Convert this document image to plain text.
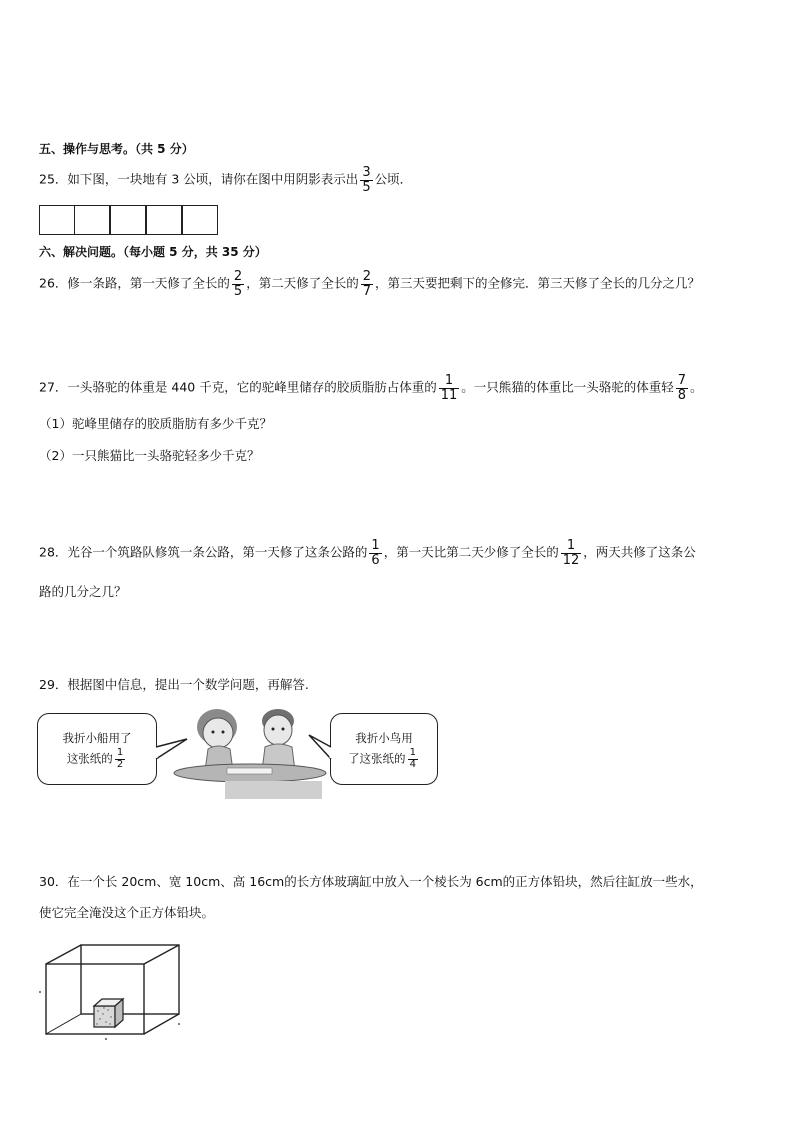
五、操作与思考。（共 5 分）
25．如下图，一块地有 3 公顷，请你在图中用阴影表示出 $\frac{3}{5}$ 公顷．
六、解决问题。（每小题 5 分，共 35 分）
26．修一条路，第一天修了全长的 $\frac{2}{5}$ ，第二天修了全长的 $\frac{2}{7}$ ，第三天要把剩下的全修完．第三天修了全长的几分之几？
27．一头骆驼的体重是 440 千克，它的驼峰里储存的胶质脂肪占体重的 $\frac{1}{11}$ 。一只熊猫的体重比一头骆驼的体重轻 $\frac{7}{8}$ 。
（1）驼峰里储存的胶质脂肪有多少千克？
（2）一只熊猫比一头骆驼轻多少千克？
28．光谷一个筑路队修筑一条公路，第一天修了这条公路的 $\frac{1}{6}$ ，第一天比第二天少修了全长的 $\frac{1}{12}$ ，两天共修了这条公
路的几分之几？
29．根据图中信息，提出一个数学问题，再解答.
我折小船用了
这张纸的 $\frac{1}{2}$
我折小鸟用
了这张纸的 $\frac{1}{4}$
30．在一个长 20cm、宽 10cm、高 16cm的长方体玻璃缸中放入一个棱长为 6cm的正方体铅块，然后往缸放一些水，
使它完全淹没这个正方体铅块。
